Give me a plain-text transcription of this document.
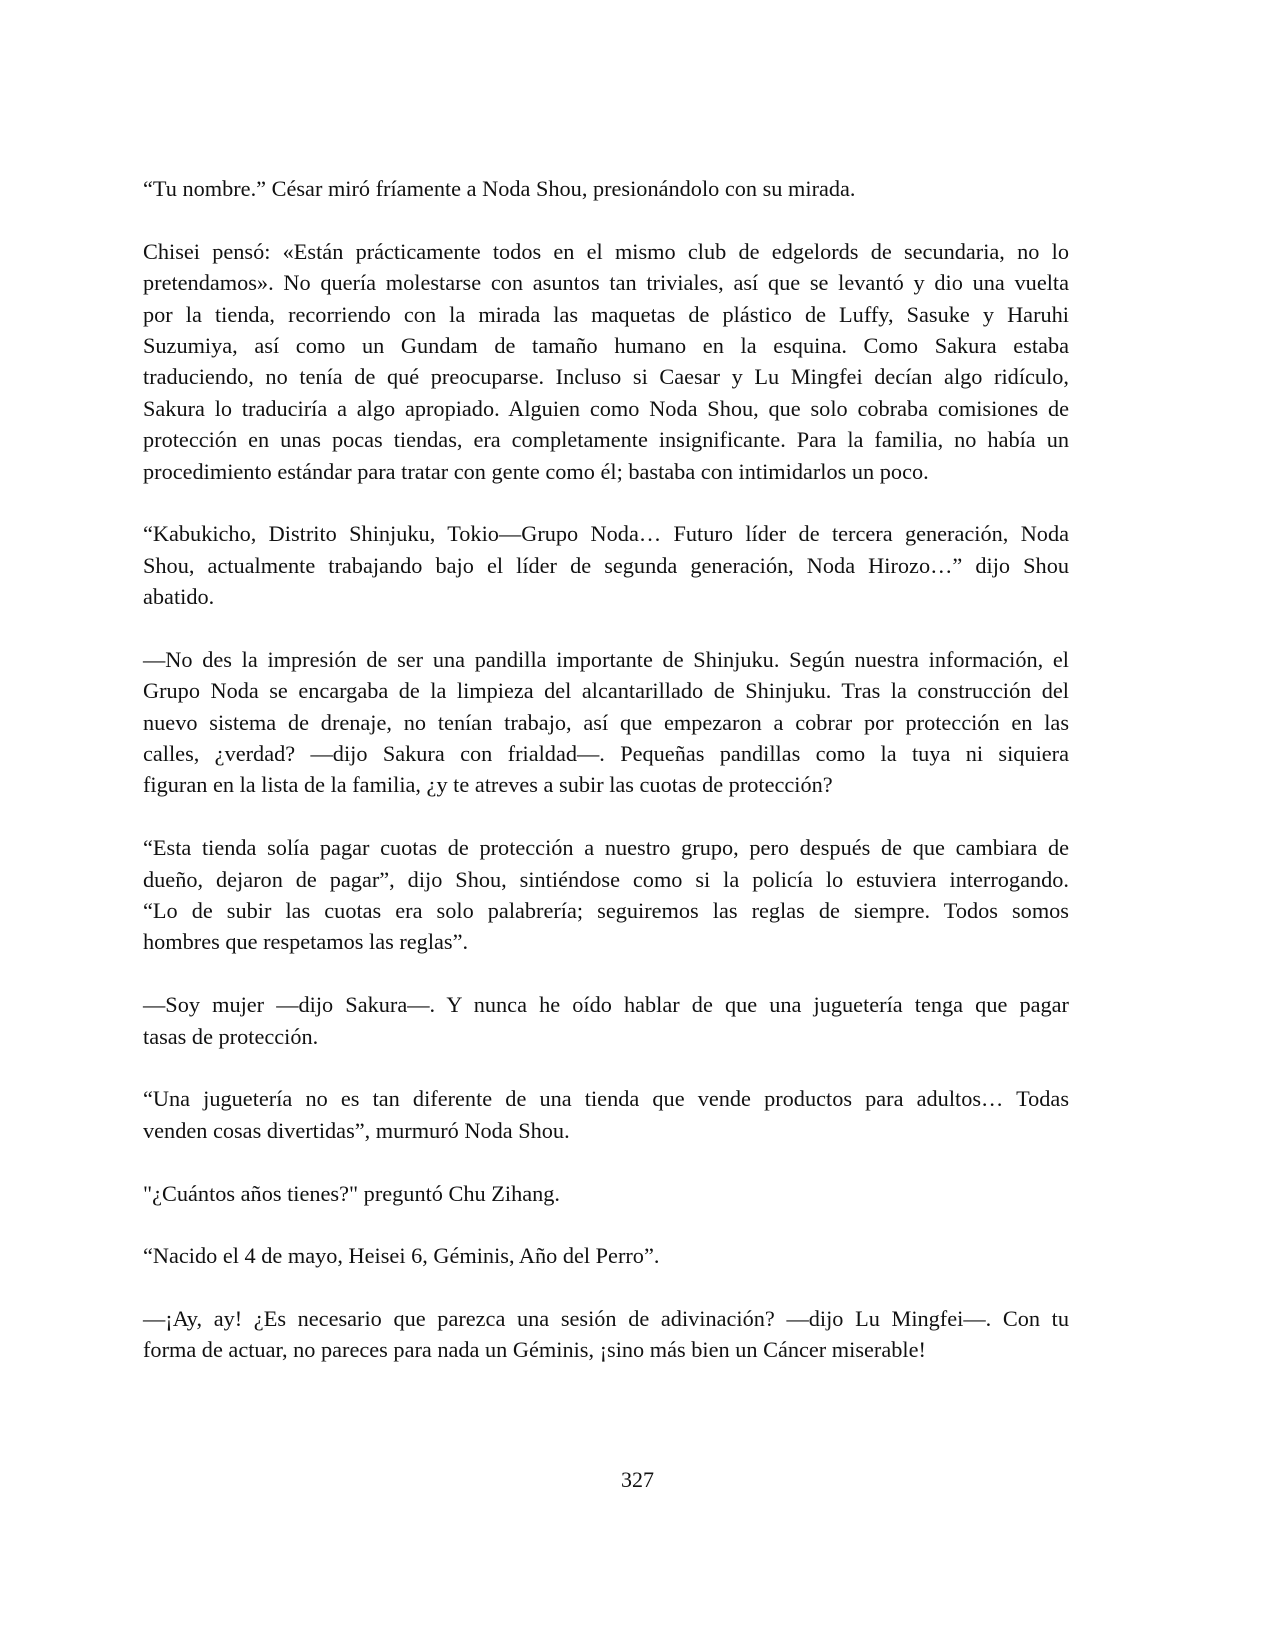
“Tu nombre.” César miró fríamente a Noda Shou, presionándolo con su mirada.

Chisei pensó: «Están prácticamente todos en el mismo club de edgelords de secundaria, no lo
pretendamos». No quería molestarse con asuntos tan triviales, así que se levantó y dio una vuelta
por la tienda, recorriendo con la mirada las maquetas de plástico de Luffy, Sasuke y Haruhi
Suzumiya, así como un Gundam de tamaño humano en la esquina. Como Sakura estaba
traduciendo, no tenía de qué preocuparse. Incluso si Caesar y Lu Mingfei decían algo ridículo,
Sakura lo traduciría a algo apropiado. Alguien como Noda Shou, que solo cobraba comisiones de
protección en unas pocas tiendas, era completamente insignificante. Para la familia, no había un
procedimiento estándar para tratar con gente como él; bastaba con intimidarlos un poco.

“Kabukicho, Distrito Shinjuku, Tokio—Grupo Noda… Futuro líder de tercera generación, Noda
Shou, actualmente trabajando bajo el líder de segunda generación, Noda Hirozo…” dijo Shou
abatido.

—No des la impresión de ser una pandilla importante de Shinjuku. Según nuestra información, el
Grupo Noda se encargaba de la limpieza del alcantarillado de Shinjuku. Tras la construcción del
nuevo sistema de drenaje, no tenían trabajo, así que empezaron a cobrar por protección en las
calles, ¿verdad? —dijo Sakura con frialdad—. Pequeñas pandillas como la tuya ni siquiera
figuran en la lista de la familia, ¿y te atreves a subir las cuotas de protección?

“Esta tienda solía pagar cuotas de protección a nuestro grupo, pero después de que cambiara de
dueño, dejaron de pagar”, dijo Shou, sintiéndose como si la policía lo estuviera interrogando.
“Lo de subir las cuotas era solo palabrería; seguiremos las reglas de siempre. Todos somos
hombres que respetamos las reglas”.

—Soy mujer —dijo Sakura—. Y nunca he oído hablar de que una juguetería tenga que pagar
tasas de protección.

“Una juguetería no es tan diferente de una tienda que vende productos para adultos… Todas
venden cosas divertidas”, murmuró Noda Shou.

"¿Cuántos años tienes?" preguntó Chu Zihang.

“Nacido el 4 de mayo, Heisei 6, Géminis, Año del Perro”.

—¡Ay, ay! ¿Es necesario que parezca una sesión de adivinación? —dijo Lu Mingfei—. Con tu
forma de actuar, no pareces para nada un Géminis, ¡sino más bien un Cáncer miserable!

327
